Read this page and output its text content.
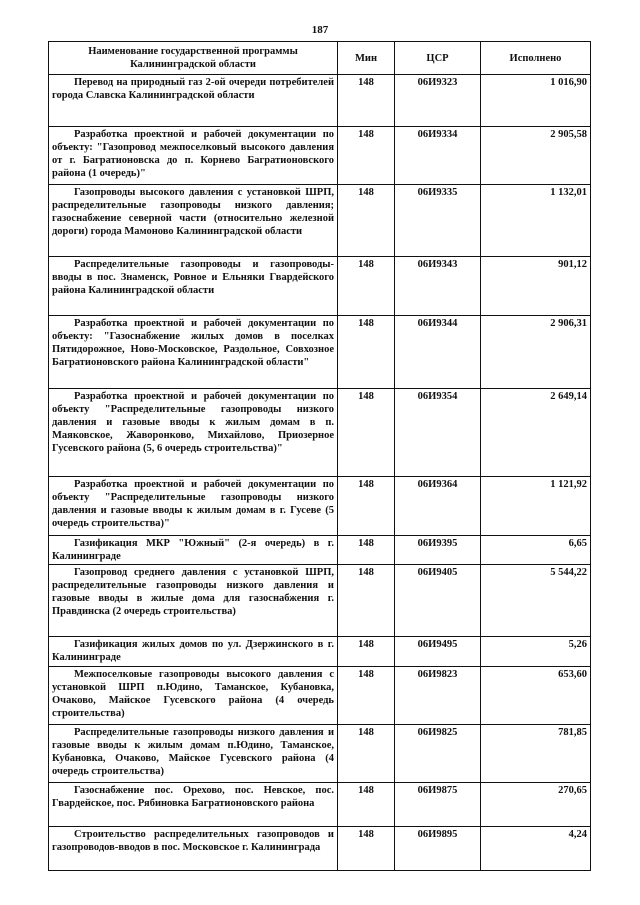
187
Наименование государственной программы Калининградской области	Мин	ЦСР	Исполнено
Перевод на природный газ 2-ой очереди потребителей города Славска Калининградской области	148	06И9323	1 016,90
Разработка проектной и рабочей документации по объекту: "Газопровод межпоселковый высокого давления от г. Багратионовска до п. Корнево Багратионовского района (1 очередь)"	148	06И9334	2 905,58
Газопроводы высокого давления с установкой ШРП, распределительные газопроводы низкого давления; газоснабжение северной части (относительно железной дороги) города Мамоново Калининградской области	148	06И9335	1 132,01
Распределительные газопроводы и газопроводы-вводы в пос. Знаменск, Ровное и Ельняки Гвардейского района Калининградской области	148	06И9343	901,12
Разработка проектной и рабочей документации по объекту: "Газоснабжение жилых домов в поселках Пятидорожное, Ново-Московское, Раздольное, Совхозное Багратионовского района Калининградской области"	148	06И9344	2 906,31
Разработка проектной и рабочей документации по объекту "Распределительные газопроводы низкого давления и газовые вводы к жилым домам в п. Маяковское, Жаворонково, Михайлово, Приозерное Гусевского района (5, 6 очередь строительства)"	148	06И9354	2 649,14
Разработка проектной и рабочей документации по объекту "Распределительные газопроводы низкого давления и газовые вводы к жилым домам в г. Гусеве (5 очередь строительства)"	148	06И9364	1 121,92
Газификация МКР "Южный" (2-я очередь) в г. Калининграде	148	06И9395	6,65
Газопровод среднего давления с установкой ШРП, распределительные газопроводы низкого давления и газовые вводы в жилые дома для газоснабжения г. Правдинска (2 очередь строительства)	148	06И9405	5 544,22
Газификация жилых домов по ул. Дзержинского в г. Калининграде	148	06И9495	5,26
Межпоселковые газопроводы высокого давления с установкой ШРП п.Юдино, Таманское, Кубановка, Очаково, Майское Гусевского района (4 очередь строительства)	148	06И9823	653,60
Распределительные газопроводы низкого давления и газовые вводы к жилым домам п.Юдино, Таманское, Кубановка, Очаково, Майское Гусевского района (4 очередь строительства)	148	06И9825	781,85
Газоснабжение пос. Орехово, пос. Невское, пос. Гвардейское, пос. Рябиновка Багратионовского района	148	06И9875	270,65
Строительство распределительных газопроводов и газопроводов-вводов в пос. Московское г. Калининграда	148	06И9895	4,24
